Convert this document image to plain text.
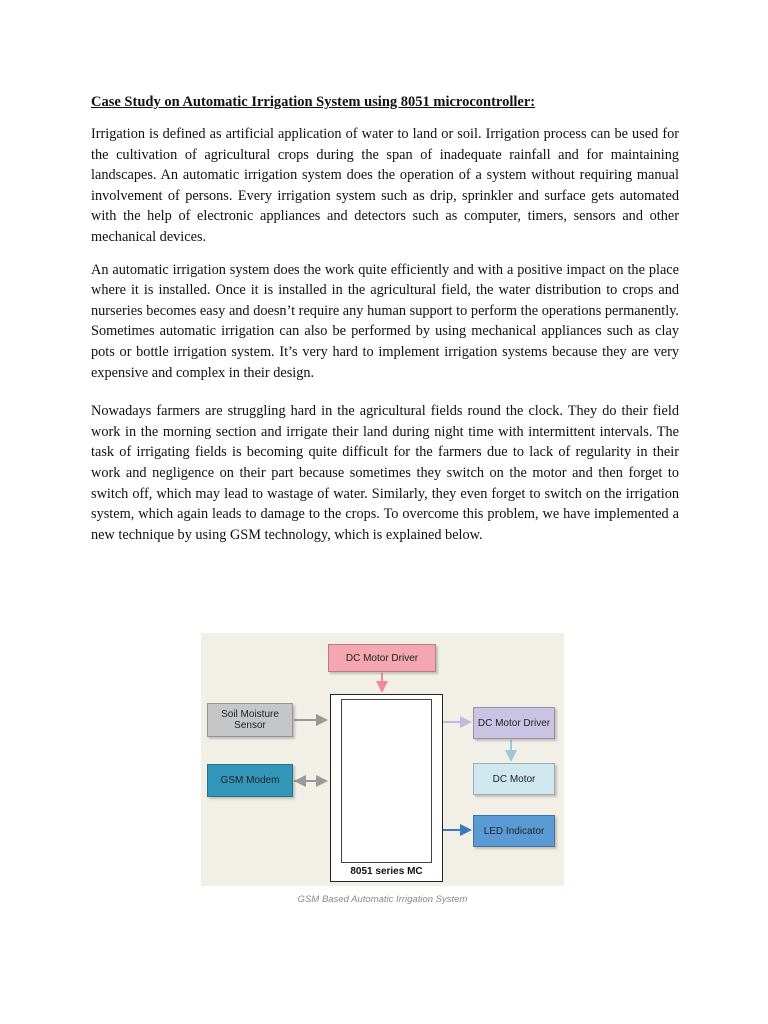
Case Study on Automatic Irrigation System using 8051 microcontroller:
Irrigation is defined as artificial application of water to land or soil. Irrigation process can be used for the cultivation of agricultural crops during the span of inadequate rainfall and for maintaining landscapes. An automatic irrigation system does the operation of a system without requiring manual involvement of persons. Every irrigation system such as drip, sprinkler and surface gets automated with the help of electronic appliances and detectors such as computer, timers, sensors and other mechanical devices.
An automatic irrigation system does the work quite efficiently and with a positive impact on the place where it is installed. Once it is installed in the agricultural field, the water distribution to crops and nurseries becomes easy and doesn’t require any human support to perform the operations permanently. Sometimes automatic irrigation can also be performed by using mechanical appliances such as clay pots or bottle irrigation system. It’s very hard to implement irrigation systems because they are very expensive and complex in their design.
Nowadays farmers are struggling hard in the agricultural fields round the clock. They do their field work in the morning section and irrigate their land during night time with intermittent intervals. The task of irrigating fields is becoming quite difficult for the farmers due to lack of regularity in their work and negligence on their part because sometimes they switch on the motor and then forget to switch off, which may lead to wastage of water. Similarly, they even forget to switch on the irrigation system, which again leads to damage to the crops. To overcome this problem, we have implemented a new technique by using GSM technology, which is explained below.
DC Motor Driver
Soil Moisture
Sensor
GSM Modem
8051 series MC
DC Motor Driver
DC Motor
LED Indicator
GSM Based Automatic Irrigation System
